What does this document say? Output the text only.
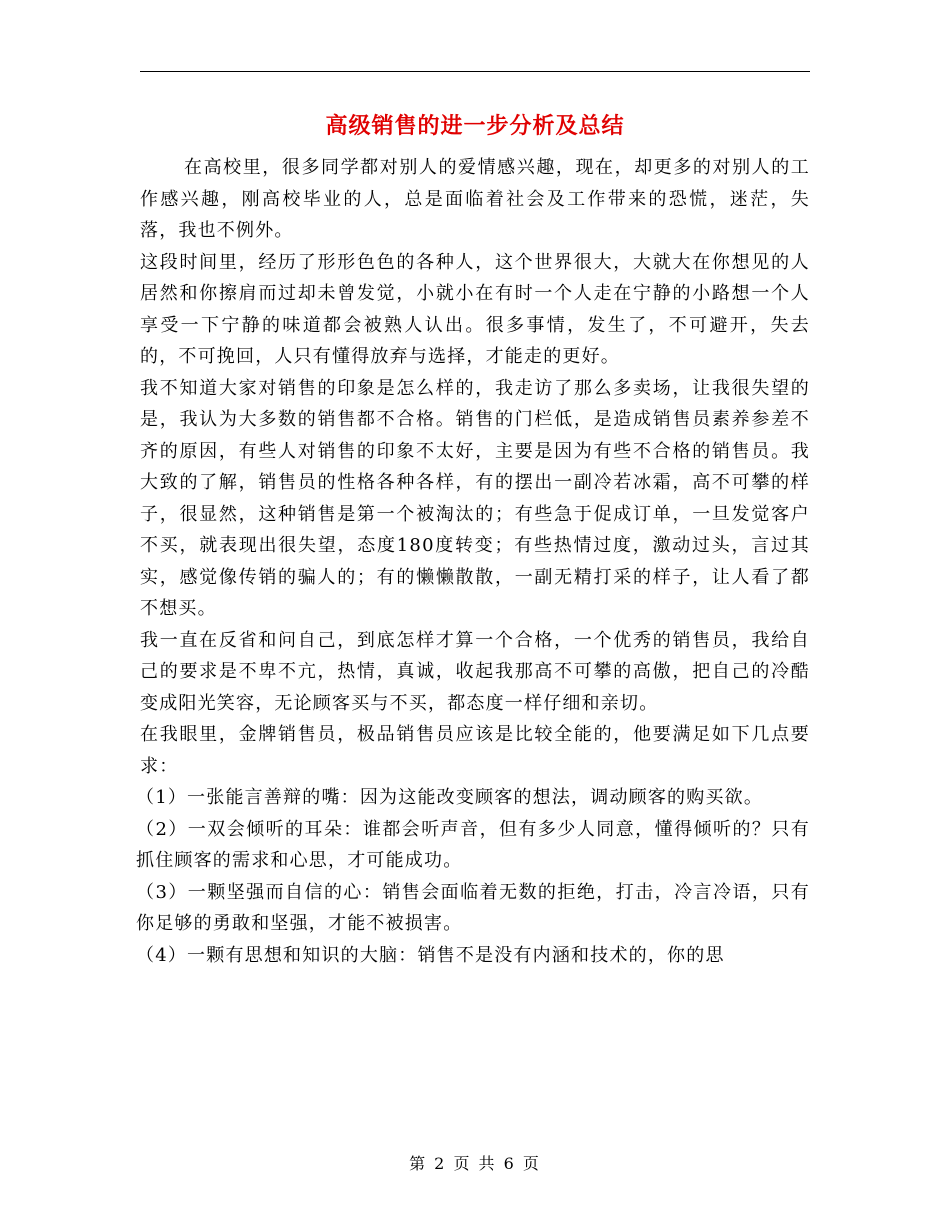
高级销售的进一步分析及总结

在高校里，很多同学都对别人的爱情感兴趣，现在，却更多的对别人的工作感兴趣，刚高校毕业的人，总是面临着社会及工作带来的恐慌，迷茫，失落，我也不例外。

这段时间里，经历了形形色色的各种人，这个世界很大，大就大在你想见的人居然和你擦肩而过却未曾发觉，小就小在有时一个人走在宁静的小路想一个人享受一下宁静的味道都会被熟人认出。很多事情，发生了，不可避开，失去的，不可挽回，人只有懂得放弃与选择，才能走的更好。

我不知道大家对销售的印象是怎么样的，我走访了那么多卖场，让我很失望的是，我认为大多数的销售都不合格。销售的门栏低，是造成销售员素养参差不齐的原因，有些人对销售的印象不太好，主要是因为有些不合格的销售员。我大致的了解，销售员的性格各种各样，有的摆出一副冷若冰霜，高不可攀的样子，很显然，这种销售是第一个被淘汰的；有些急于促成订单，一旦发觉客户不买，就表现出很失望，态度180度转变；有些热情过度，激动过头，言过其实，感觉像传销的骗人的；有的懒懒散散，一副无精打采的样子，让人看了都不想买。

我一直在反省和问自己，到底怎样才算一个合格，一个优秀的销售员，我给自己的要求是不卑不亢，热情，真诚，收起我那高不可攀的高傲，把自己的冷酷变成阳光笑容，无论顾客买与不买，都态度一样仔细和亲切。

在我眼里，金牌销售员，极品销售员应该是比较全能的，他要满足如下几点要求：

（1）一张能言善辩的嘴：因为这能改变顾客的想法，调动顾客的购买欲。

（2）一双会倾听的耳朵：谁都会听声音，但有多少人同意，懂得倾听的？只有抓住顾客的需求和心思，才可能成功。

（3）一颗坚强而自信的心：销售会面临着无数的拒绝，打击，冷言冷语，只有你足够的勇敢和坚强，才能不被损害。

（4）一颗有思想和知识的大脑：销售不是没有内涵和技术的，你的思

第 2 页 共 6 页
